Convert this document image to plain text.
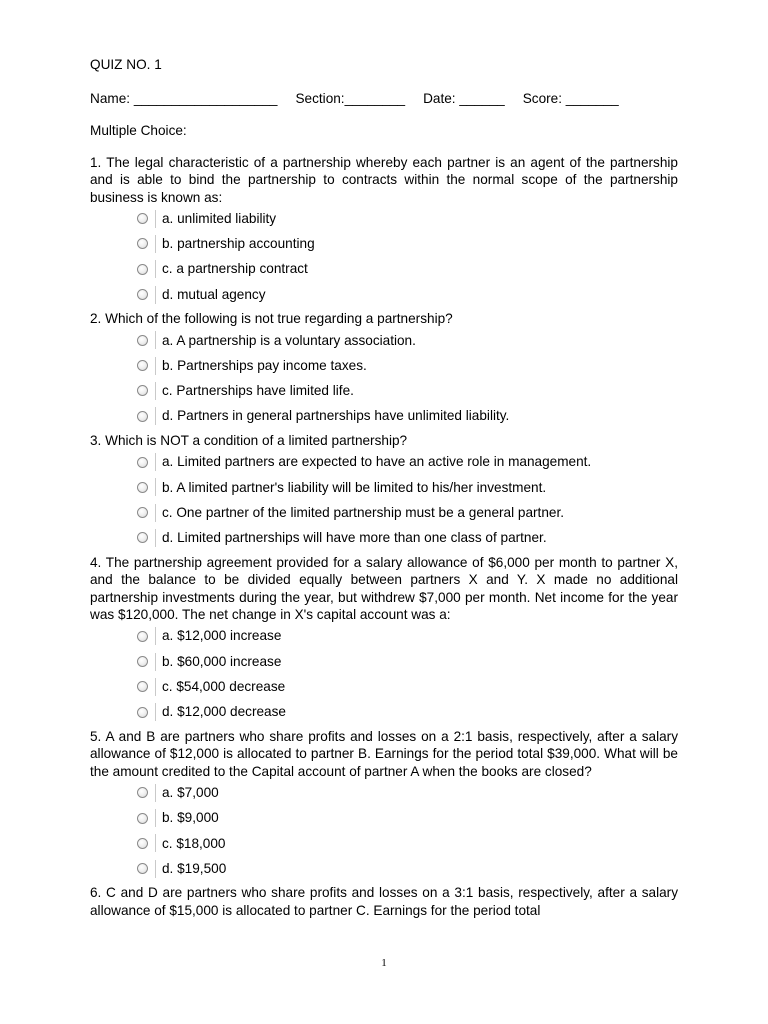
QUIZ NO. 1

Name: ___________________ Section:________ Date: ______ Score: _______

Multiple Choice:

1. The legal characteristic of a partnership whereby each partner is an agent of the partnership and is able to bind the partnership to contracts within the normal scope of the partnership business is known as:

a. unlimited liability
b. partnership accounting
c. a partnership contract
d. mutual agency

2. Which of the following is not true regarding a partnership?

a. A partnership is a voluntary association.
b. Partnerships pay income taxes.
c. Partnerships have limited life.
d. Partners in general partnerships have unlimited liability.

3. Which is NOT a condition of a limited partnership?

a. Limited partners are expected to have an active role in management.
b. A limited partner's liability will be limited to his/her investment.
c. One partner of the limited partnership must be a general partner.
d. Limited partnerships will have more than one class of partner.

4. The partnership agreement provided for a salary allowance of $6,000 per month to partner X, and the balance to be divided equally between partners X and Y. X made no additional partnership investments during the year, but withdrew $7,000 per month. Net income for the year was $120,000. The net change in X's capital account was a:

a. $12,000 increase
b. $60,000 increase
c. $54,000 decrease
d. $12,000 decrease

5. A and B are partners who share profits and losses on a 2:1 basis, respectively, after a salary allowance of $12,000 is allocated to partner B. Earnings for the period total $39,000. What will be the amount credited to the Capital account of partner A when the books are closed?

a. $7,000
b. $9,000
c. $18,000
d. $19,500

6. C and D are partners who share profits and losses on a 3:1 basis, respectively, after a salary allowance of $15,000 is allocated to partner C. Earnings for the period total

1
